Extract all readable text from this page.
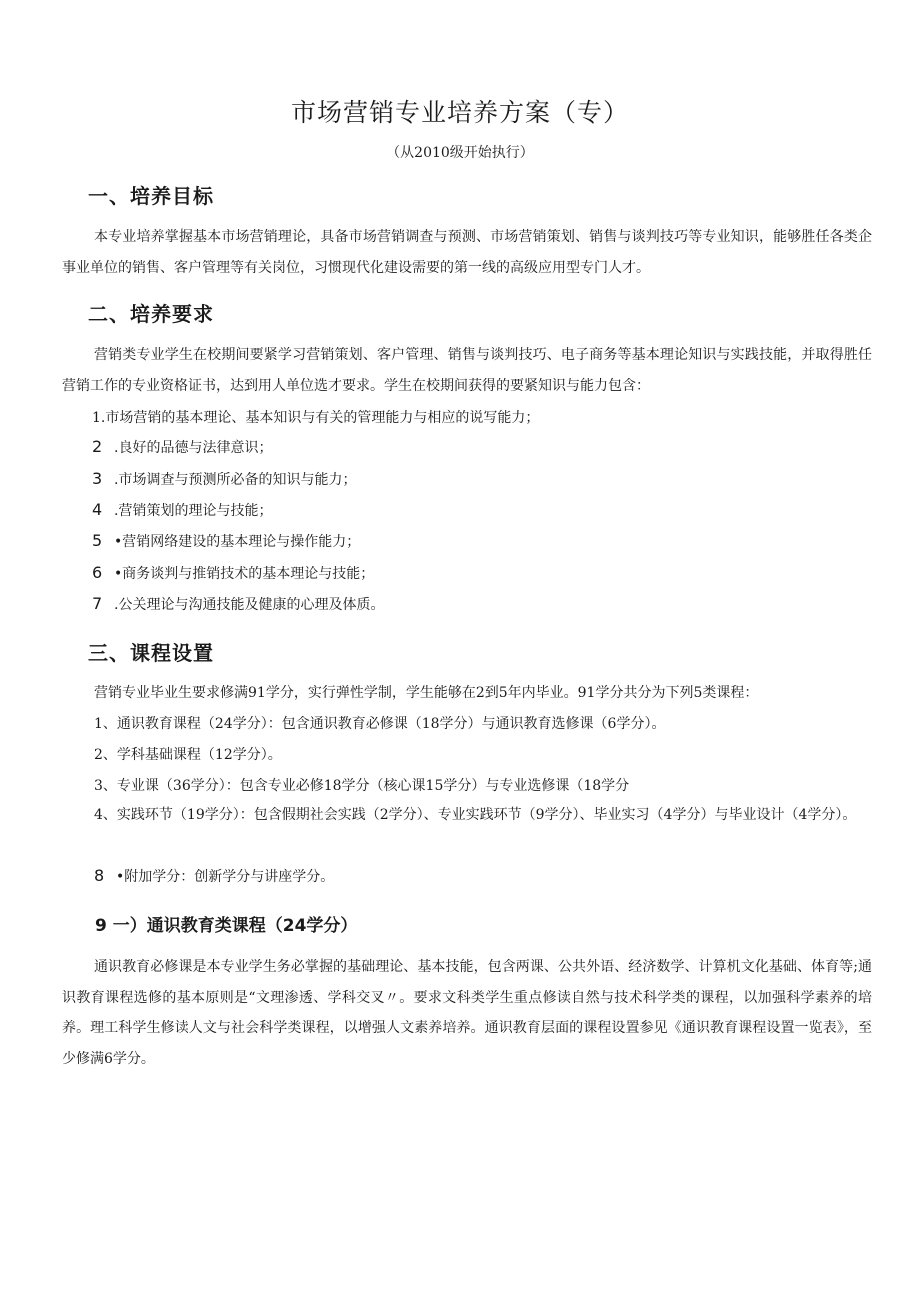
市场营销专业培养方案（专）
（从2010级开始执行）
一、培养目标
本专业培养掌握基本市场营销理论，具备市场营销调查与预测、市场营销策划、销售与谈判技巧等专业知识，能够胜任各类企事业单位的销售、客户管理等有关岗位，习惯现代化建设需要的第一线的高级应用型专门人才。
二、培养要求
营销类专业学生在校期间要紧学习营销策划、客户管理、销售与谈判技巧、电子商务等基本理论知识与实践技能，并取得胜任营销工作的专业资格证书，达到用人单位选才要求。学生在校期间获得的要紧知识与能力包含：
1.市场营销的基本理论、基本知识与有关的管理能力与相应的说写能力；
2 .良好的品德与法律意识；
3 .市场调查与预测所必备的知识与能力；
4 .营销策划的理论与技能；
5 •营销网络建设的基本理论与操作能力；
6 •商务谈判与推销技术的基本理论与技能；
7 .公关理论与沟通技能及健康的心理及体质。
三、课程设置
营销专业毕业生要求修满91学分，实行弹性学制，学生能够在2到5年内毕业。91学分共分为下列5类课程：
1、通识教育课程（24学分）：包含通识教育必修课（18学分）与通识教育选修课（6学分）。
2、学科基础课程（12学分）。
3、专业课（36学分）：包含专业必修18学分（核心课15学分）与专业选修课（18学分
4、实践环节（19学分）：包含假期社会实践（2学分）、专业实践环节（9学分）、毕业实习（4学分）与毕业设计（4学分）。
8 •附加学分：创新学分与讲座学分。
9 一）通识教育类课程（24学分）
通识教育必修课是本专业学生务必掌握的基础理论、基本技能，包含两课、公共外语、经济数学、计算机文化基础、体育等;通识教育课程选修的基本原则是“文理渗透、学科交叉〃。要求文科类学生重点修读自然与技术科学类的课程，以加强科学素养的培养。理工科学生修读人文与社会科学类课程，以增强人文素养培养。通识教育层面的课程设置参见《通识教育课程设置一览表》，至少修满6学分。
